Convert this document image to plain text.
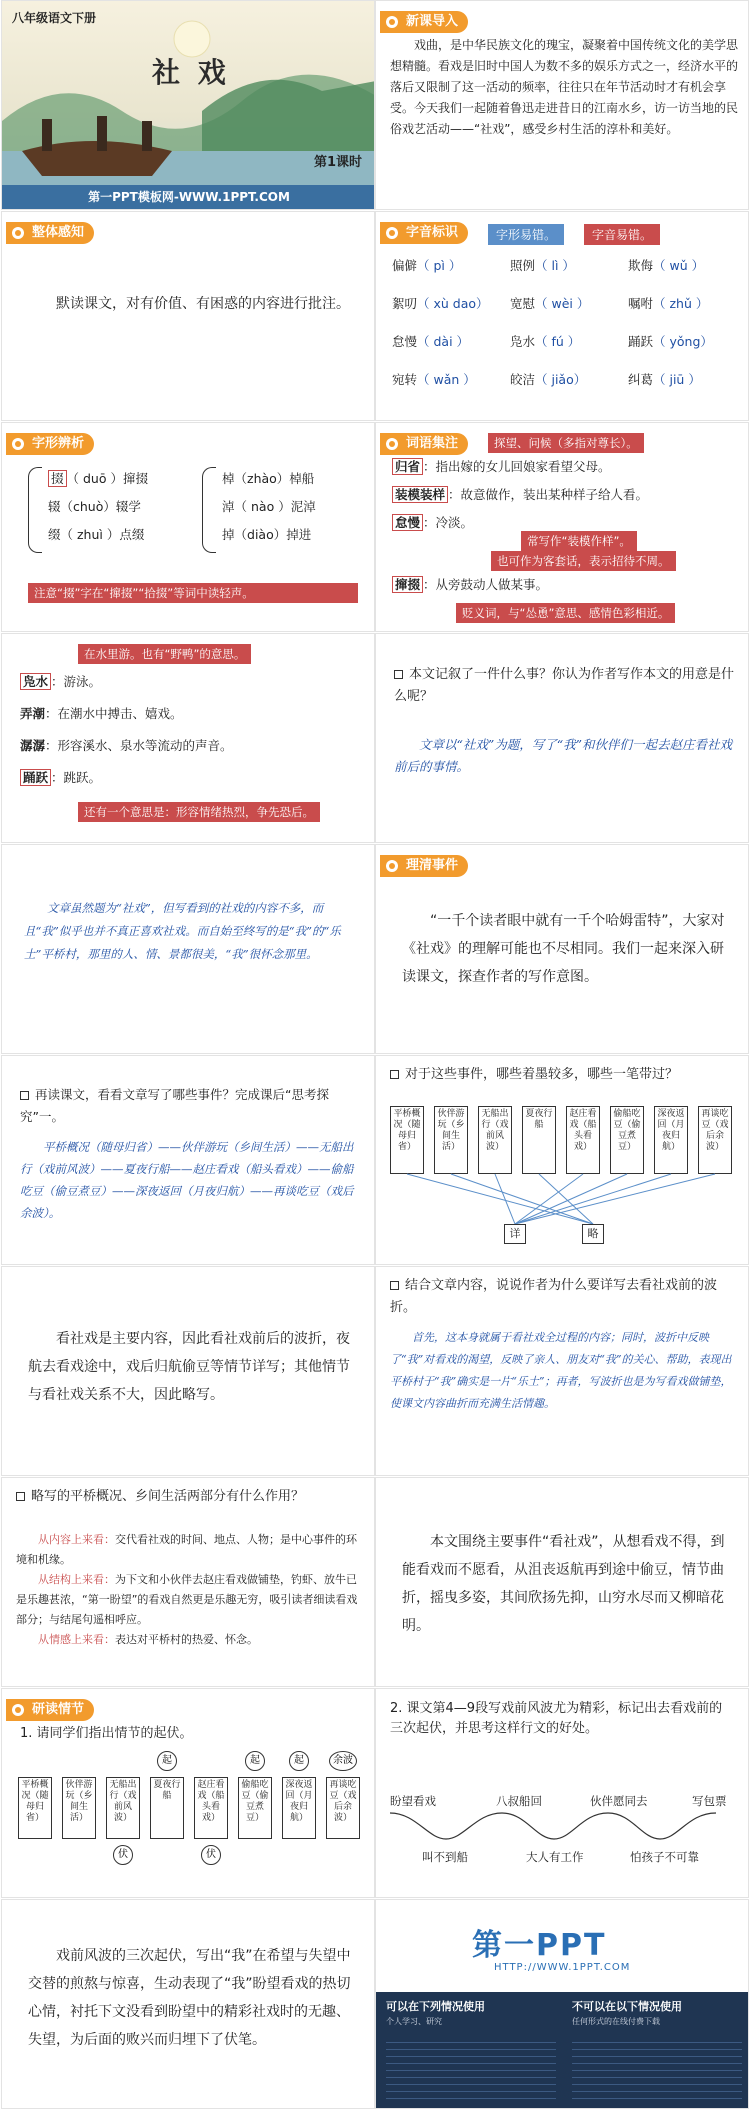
八年级语文下册
社 戏
第1课时
第一PPT模板网-WWW.1PPT.COM
新课导入
戏曲，是中华民族文化的瑰宝，凝聚着中国传统文化的美学思想精髓。看戏是旧时中国人为数不多的娱乐方式之一，经济水平的落后又限制了这一活动的频率，往往只在年节活动时才有机会享受。今天我们一起随着鲁迅走进昔日的江南水乡，访一访当地的民俗戏艺活动——“社戏”，感受乡村生活的淳朴和美好。
整体感知
默读课文，对有价值、有困惑的内容进行批注。
字音标识	字形易错。	字音易错。
偏僻（ pì ）	照例（ lì ）	欺侮（ wǔ ）
絮叨（ xù dao） 宽慰（ wèi ）	嘱咐（ zhǔ ）
怠慢（ dài ）	凫水（ fú ）	踊跃（ yǒng）
宛转（ wǎn ）	皎洁（ jiǎo）	纠葛（ jiū ）
字形辨析
掇 （ duō ）撺掇
辍（chuò）辍学
缀（ zhuì ）点缀
棹（zhào）棹船
淖（ nào ）泥淖
掉（diào）掉进
注意“掇”字在“撺掇”“拾掇”等词中读轻声。
词语集注	探望、问候（多指对尊长）。
归省 ：指出嫁的女儿回娘家看望父母。
装模装样 ：故意做作，装出某种样子给人看。
怠慢 ：冷淡。
撺掇 ：从旁鼓动人做某事。
常写作“装模作样”。
也可作为客套话，表示招待不周。
贬义词，与“怂恿”意思、感情色彩相近。
在水里游。也有“野鸭”的意思。
凫水 ：游泳。
弄潮：在潮水中搏击、嬉戏。
潺潺：形容溪水、泉水等流动的声音。
踊跃 ：跳跃。
还有一个意思是：形容情绪热烈，争先恐后。
本文记叙了一件什么事？你认为作者写作本文的用意是什么呢？
文章以“社戏”为题，写了“我”和伙伴们一起去赵庄看社戏前后的事情。
文章虽然题为“社戏”，但写看到的社戏的内容不多，而且“我”似乎也并不真正喜欢社戏。而自始至终写的是“我”的“乐土”平桥村，那里的人、情、景都很美，“我”很怀念那里。
理清事件
“一千个读者眼中就有一千个哈姆雷特”，大家对《社戏》的理解可能也不尽相同。我们一起来深入研读课文，探查作者的写作意图。
再读课文，看看文章写了哪些事件？完成课后“思考探究”一。
平桥概况（随母归省）——伙伴游玩（乡间生活）——无船出行（戏前风波）——夏夜行船——赵庄看戏（船头看戏）——偷船吃豆（偷豆煮豆）——深夜返回（月夜归航）——再谈吃豆（戏后余波）。
对于这些事件，哪些着墨较多，哪些一笔带过？
平桥概况（随母归省）
伙伴游玩（乡间生活）
无船出行（戏前风波）
夏夜行船
赵庄看戏（船头看戏）
偷船吃豆（偷豆煮豆）
深夜返回（月夜归航）
再谈吃豆（戏后余波）
详	略
看社戏是主要内容，因此看社戏前后的波折，夜航去看戏途中，戏后归航偷豆等情节详写；其他情节与看社戏关系不大，因此略写。
结合文章内容，说说作者为什么要详写去看社戏前的波折。
首先，这本身就属于看社戏全过程的内容；同时，波折中反映了“我”对看戏的渴望，反映了亲人、朋友对“我”的关心、帮助，表现出平桥村于“我”确实是一片“乐土”；再者，写波折也是为写看戏做铺垫，使课文内容曲折而充满生活情趣。
略写的平桥概况、乡间生活两部分有什么作用？
从内容上来看：交代看社戏的时间、地点、人物；是中心事件的环境和机缘。
从结构上来看：为下文和小伙伴去赵庄看戏做铺垫，钓虾、放牛已是乐趣甚浓，“第一盼望”的看戏自然更是乐趣无穷，吸引读者细读看戏部分；与结尾句遥相呼应。
从情感上来看：表达对平桥村的热爱、怀念。
本文围绕主要事件“看社戏”，从想看戏不得，到能看戏而不愿看，从沮丧返航再到途中偷豆，情节曲折，摇曳多姿，其间欣扬先抑，山穷水尽而又柳暗花明。
研读情节
1. 请同学们指出情节的起伏。
平桥概况（随母归省）
伙伴游玩（乡间生活）
无船出行（戏前风波）
夏夜行船
赵庄看戏（船头看戏）
偷船吃豆（偷豆煮豆）
深夜返回（月夜归航）
再谈吃豆（戏后余波）
起	起	起	余波
伏	伏
2. 课文第4—9段写戏前风波尤为精彩，标记出去看戏前的三次起伏，并思考这样行文的好处。
盼望看戏	八叔船回	伙伴愿同去	写包票
叫不到船	大人有工作	怕孩子不可靠
戏前风波的三次起伏，写出“我”在希望与失望中交替的煎熬与惊喜，生动表现了“我”盼望看戏的热切心情，衬托下文没看到盼望中的精彩社戏时的无趣、失望，为后面的败兴而归埋下了伏笔。
第一PPT
HTTP://WWW.1PPT.COM
可以在下列情况使用	不可以在以下情况使用
个人学习、研究	任何形式的在线付费下载
